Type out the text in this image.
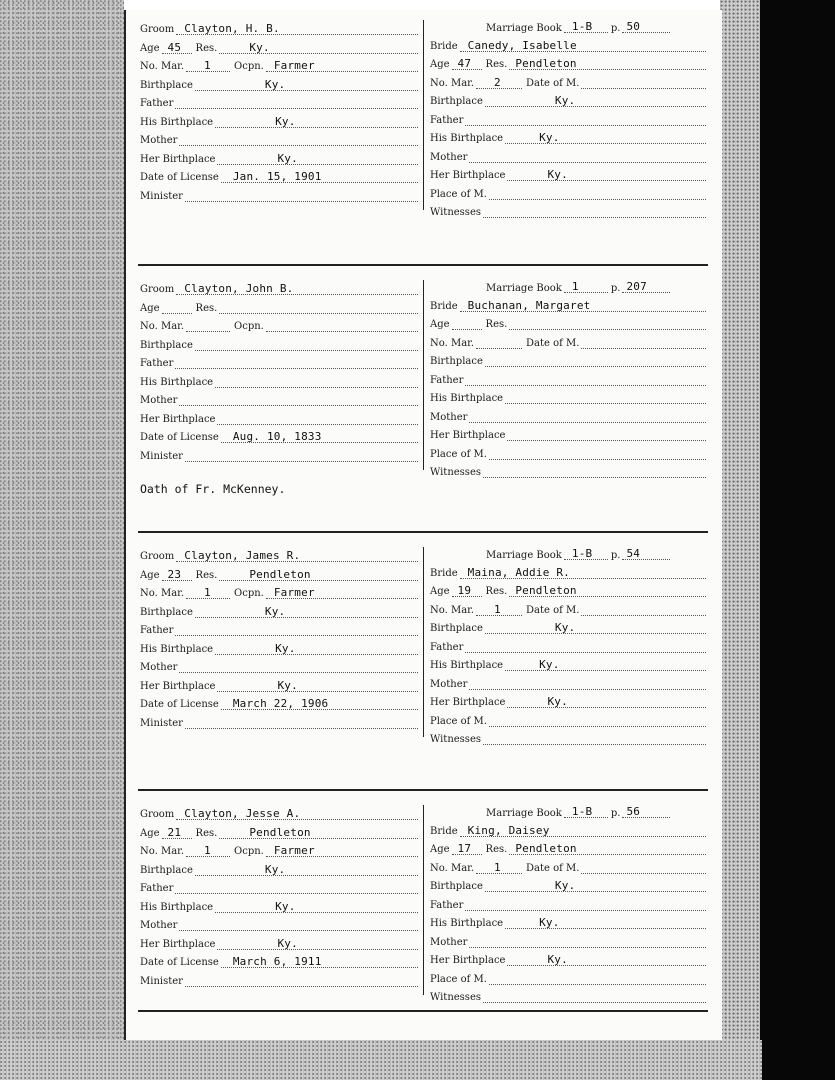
Groom Clayton, H. B.
Age 45 Res.	Ky.
No. Mar. 1 Ocpn. Farmer
Birthplace	Ky.
Father
His Birthplace	Ky.
Mother
Her Birthplace	Ky.
Date of License Jan. 15, 1901
Minister
Marriage Book 1-B p. 50
Bride Canedy, Isabelle
Age 47 Res. Pendleton
No. Mar. 2	Date of M.
Birthplace	Ky.
Father
His Birthplace	Ky.
Mother
Her Birthplace	Ky.
Place of M.
Witnesses
Groom Clayton, John B.
Age	Res.
No. Mar.	Ocpn.
Birthplace
Father
His Birthplace
Mother
Her Birthplace
Date of License Aug. 10, 1833
Minister
Marriage Book 1	p. 207
Bride Buchanan, Margaret
Age	Res.
No. Mar.	Date of M.
Birthplace
Father
His Birthplace
Mother
Her Birthplace
Place of M.
Witnesses
Oath of Fr. McKenney.
Groom Clayton, James R.
Age 23 Res.	Pendleton
No. Mar. 1 Ocpn. Farmer
Birthplace	Ky.
Father
His Birthplace	Ky.
Mother
Her Birthplace	Ky.
Date of License March 22, 1906
Minister
Marriage Book 1-B p. 54
Bride Maina, Addie R.
Age 19 Res. Pendleton
No. Mar. 1	Date of M.
Birthplace	Ky.
Father
His Birthplace	Ky.
Mother
Her Birthplace	Ky.
Place of M.
Witnesses
Groom Clayton, Jesse A.
Age 21 Res.	Pendleton
No. Mar. 1 Ocpn. Farmer
Birthplace	Ky.
Father
His Birthplace	Ky.
Mother
Her Birthplace	Ky.
Date of License March 6, 1911
Minister
Marriage Book 1-B p. 56
Bride King, Daisey
Age 17 Res. Pendleton
No. Mar. 1	Date of M.
Birthplace	Ky.
Father
His Birthplace	Ky.
Mother
Her Birthplace	Ky.
Place of M.
Witnesses
